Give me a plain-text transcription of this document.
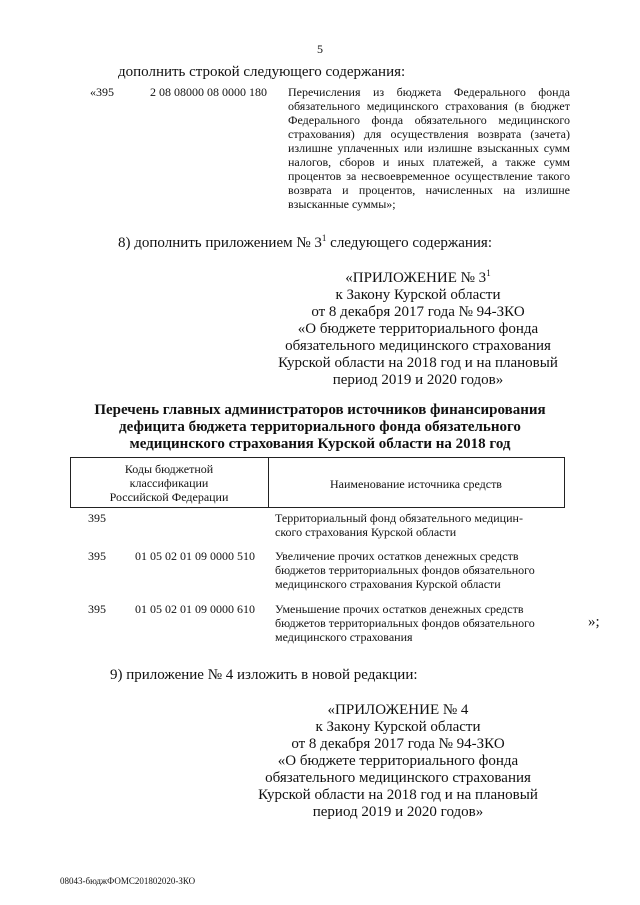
5
дополнить строкой следующего содержания:
«395	2 08 08000 08 0000 180 Перечисления из бюджета Федерального фонда обязательного медицинского страхования (в бюджет Федерального фонда обязательного медицинского страхования) для осуществления возврата (зачета) излишне уплаченных или излишне взысканных сумм налогов, сборов и иных платежей, а также сумм процентов за несвоевременное осуществление такого возврата и процентов, начисленных на излишне взысканные суммы»;
8) дополнить приложением № $3^1$ следующего содержания:
«ПРИЛОЖЕНИЕ № $3^1$
к Закону Курской области
от 8 декабря 2017 года № 94-ЗКО
«О бюджете территориального фонда
обязательного медицинского страхования
Курской области на 2018 год и на плановый
период 2019 и 2020 годов»
Перечень главных администраторов источников финансирования
дефицита бюджета территориального фонда обязательного
медицинского страхования Курской области на 2018 год
Коды бюджетной
классификации
Российской Федерации
Наименование источника средств
395	Территориальный фонд обязательного медицин-
ского страхования Курской области
395 01 05 02 01 09 0000 510 Увеличение прочих остатков денежных средств
бюджетов территориальных фондов обязательного
медицинского страхования Курской области
395 01 05 02 01 09 0000 610 Уменьшение прочих остатков денежных средств
бюджетов территориальных фондов обязательного
медицинского страхования
»;
9) приложение № 4 изложить в новой редакции:
«ПРИЛОЖЕНИЕ № 4
к Закону Курской области
от 8 декабря 2017 года № 94-ЗКО
«О бюджете территориального фонда
обязательного медицинского страхования
Курской области на 2018 год и на плановый
период 2019 и 2020 годов»
08043-бюджФОМС201802020-ЗКО
